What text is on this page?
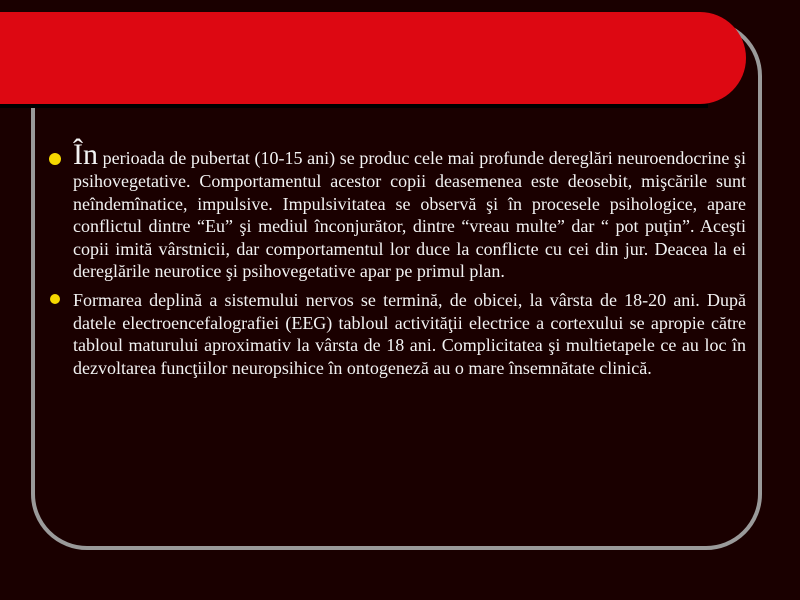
În perioada de pubertat (10-15 ani) se produc cele mai profunde dereglări neuroendocrine şi psihovegetative. Comportamentul acestor copii deasemenea este deosebit, mişcările sunt neîndemînatice, impulsive. Impulsivitatea se observă şi în procesele psihologice, apare conflictul dintre “Eu” şi mediul înconjurător, dintre “vreau multe” dar “ pot puţin”. Aceşti copii imită vârstnicii, dar comportamentul lor duce la conflicte cu cei din jur. Deacea la ei dereglările neurotice şi psihovegetative apar pe primul plan.
Formarea deplină a sistemului nervos se termină, de obicei, la vârsta de 18-20 ani. După datele electroencefalografiei (EEG) tabloul activităţii electrice a cortexului se apropie către tabloul maturului aproximativ la vârsta de 18 ani. Complicitatea şi multietapele ce au loc în dezvoltarea funcţiilor neuropsihice în ontogeneză au o mare însemnătate clinică.
